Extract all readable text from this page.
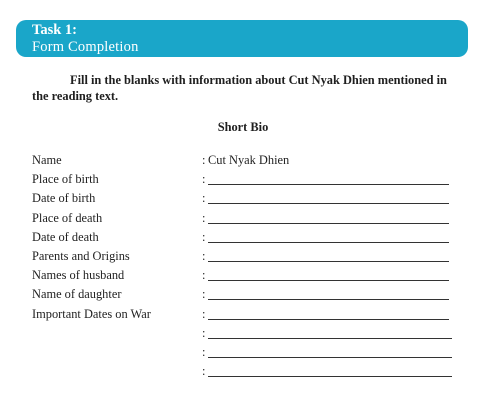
Task 1:
Form Completion
Fill in the blanks with information about Cut Nyak Dhien mentioned in the reading text.
Short Bio
Name	: Cut Nyak Dhien
Place of birth	:
Date of birth	:
Place of death	:
Date of death	:
Parents and Origins	:
Names of husband	:
Name of daughter	:
Important Dates on War	:
:
:
:
